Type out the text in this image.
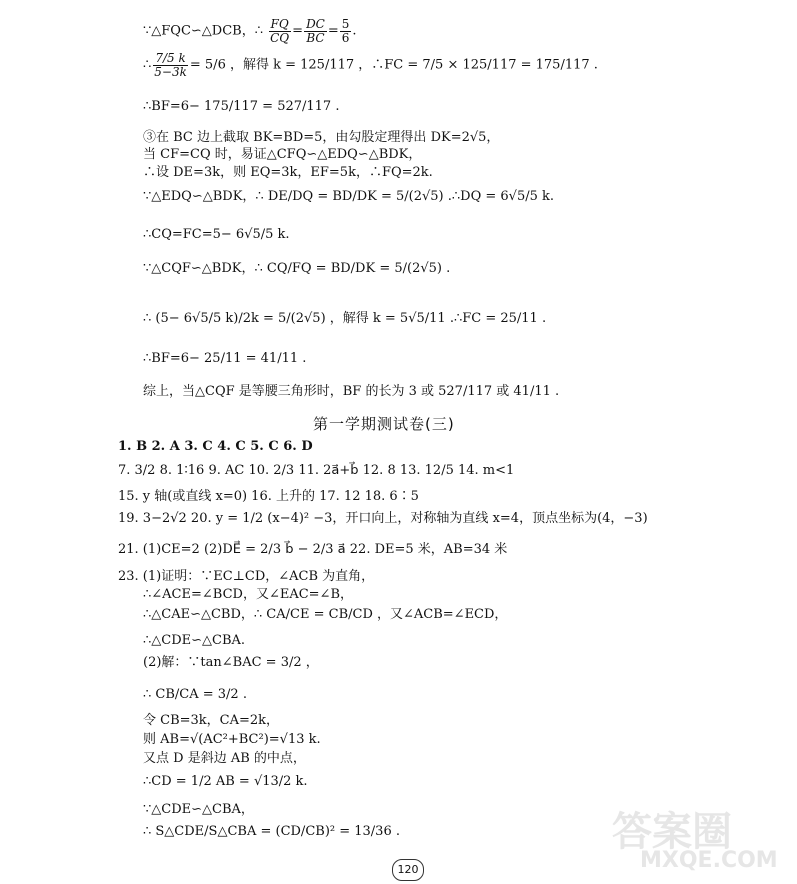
∵△FQC∽△DCB，∴ $\frac{FQ}{CQ} = \frac{DC}{BC} = \frac{5}{6}$ .
∴ $\frac{7/5 k}{5-3k} = 5/6$ ，解得 k = 125/117 ，∴FC = 7/5 × 125/117 = 175/117 .
∴BF=6− 175/117 = 527/117 .
③在 BC 边上截取 BK=BD=5，由勾股定理得出 DK=2√5，
当 CF=CQ 时，易证△CFQ∽△EDQ∽△BDK，
∴设 DE=3k，则 EQ=3k，EF=5k，∴FQ=2k.
∵△EDQ∽△BDK，∴ DE/DQ = BD/DK = 5/(2√5) .∴DQ = 6√5/5 k.
∴CQ=FC=5− 6√5/5 k.
∵△CQF∽△BDK，∴ CQ/FQ = BD/DK = 5/(2√5) .
∴ (5− 6√5/5 k)/2k = 5/(2√5) ，解得 k = 5√5/11 .∴FC = 25/11 .
∴BF=6− 25/11 = 41/11 .
综上，当△CQF 是等腰三角形时，BF 的长为 3 或 527/117 或 41/11 .
第一学期测试卷(三)
1. B 2. A 3. C 4. C 5. C 6. D
7. 3/2 8. 1∶16 9. AC 10. 2/3 11. 2a⃗+b⃗ 12. 8 13. 12/5 14. m<1
15. y 轴(或直线 x=0) 16. 上升的 17. 12 18. 6∶5
19. 3−2√2 20. y = 1/2 (x−4)² −3，开口向上，对称轴为直线 x=4，顶点坐标为(4，−3)
21. (1)CE=2 (2)DE⃗ = 2/3 b⃗ − 2/3 a⃗ 22. DE=5 米，AB=34 米
23. (1)证明：∵EC⊥CD，∠ACB 为直角，
∴∠ACE=∠BCD，又∠EAC=∠B，
∴△CAE∽△CBD，∴ CA/CE = CB/CD ，又∠ACB=∠ECD，
∴△CDE∽△CBA.
(2)解：∵tan∠BAC = 3/2 ，
∴ CB/CA = 3/2 .
令 CB=3k，CA=2k，
则 AB=√(AC²+BC²)=√13 k.
又点 D 是斜边 AB 的中点，
∴CD = 1/2 AB = √13/2 k.
∵△CDE∽△CBA，
∴ S△CDE/S△CBA = (CD/CB)² = 13/36 .	答案圈
MXQE.COM
120
